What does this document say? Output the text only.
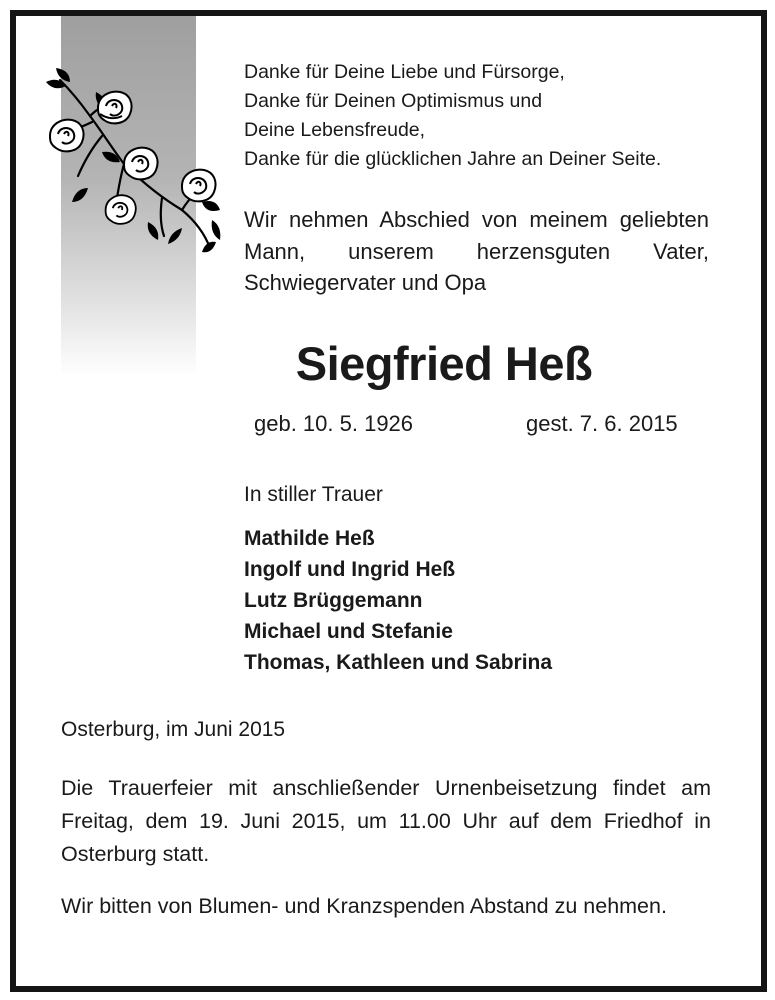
Danke für Deine Liebe und Fürsorge,
Danke für Deinen Optimismus und
Deine Lebensfreude,
Danke für die glücklichen Jahre an Deiner Seite.

Wir nehmen Abschied von meinem geliebten Mann, unserem herzensguten Vater, Schwiegervater und Opa

Siegfried Heß
geb. 10. 5. 1926	gest. 7. 6. 2015
In stiller Trauer
Mathilde Heß
Ingolf und Ingrid Heß
Lutz Brüggemann
Michael und Stefanie
Thomas, Kathleen und Sabrina
Osterburg, im Juni 2015

Die Trauerfeier mit anschließender Urnenbeisetzung findet am Freitag, dem 19. Juni 2015, um 11.00 Uhr auf dem Friedhof in Osterburg statt.

Wir bitten von Blumen- und Kranzspenden Abstand zu nehmen.
